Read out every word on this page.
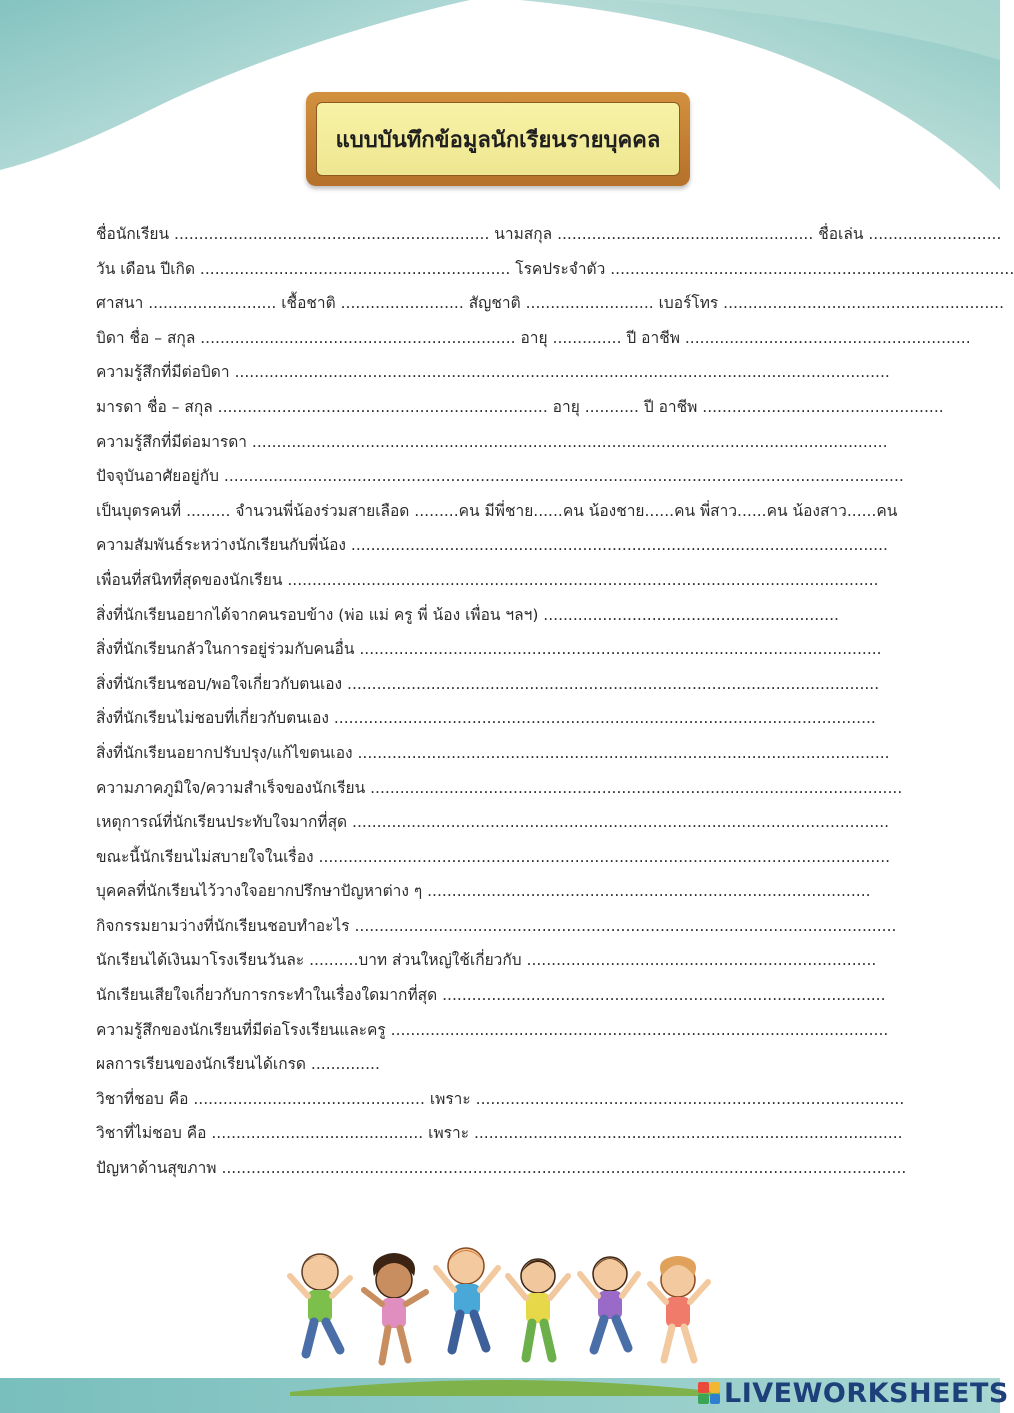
แบบบันทึกข้อมูลนักเรียนรายบุคคล
ชื่อนักเรียน ................................................................ นามสกุล .................................................... ชื่อเล่น ...........................
วัน เดือน ปีเกิด ............................................................... โรคประจำตัว ..................................................................................
ศาสนา .......................... เชื้อชาติ ......................... สัญชาติ .......................... เบอร์โทร .........................................................
บิดา ชื่อ – สกุล ................................................................ อายุ .............. ปี อาชีพ ..........................................................
ความรู้สึกที่มีต่อบิดา .....................................................................................................................................
มารดา ชื่อ – สกุล ................................................................... อายุ ........... ปี อาชีพ .................................................
ความรู้สึกที่มีต่อมารดา .................................................................................................................................
ปัจจุบันอาศัยอยู่กับ ..........................................................................................................................................
เป็นบุตรคนที่ ......... จำนวนพี่น้องร่วมสายเลือด .........คน มีพี่ชาย......คน น้องชาย......คน พี่สาว......คน น้องสาว......คน
ความสัมพันธ์ระหว่างนักเรียนกับพี่น้อง .............................................................................................................
เพื่อนที่สนิทที่สุดของนักเรียน ........................................................................................................................
สิ่งที่นักเรียนอยากได้จากคนรอบข้าง (พ่อ แม่ ครู พี่ น้อง เพื่อน ฯลฯ) ............................................................
สิ่งที่นักเรียนกลัวในการอยู่ร่วมกับคนอื่น ..........................................................................................................
สิ่งที่นักเรียนชอบ/พอใจเกี่ยวกับตนเอง ............................................................................................................
สิ่งที่นักเรียนไม่ชอบที่เกี่ยวกับตนเอง ..............................................................................................................
สิ่งที่นักเรียนอยากปรับปรุง/แก้ไขตนเอง ............................................................................................................
ความภาคภูมิใจ/ความสำเร็จของนักเรียน ............................................................................................................
เหตุการณ์ที่นักเรียนประทับใจมากที่สุด .............................................................................................................
ขณะนี้นักเรียนไม่สบายใจในเรื่อง ....................................................................................................................
บุคคลที่นักเรียนไว้วางใจอยากปรึกษาปัญหาต่าง ๆ ..........................................................................................
กิจกรรมยามว่างที่นักเรียนชอบทำอะไร ..............................................................................................................
นักเรียนได้เงินมาโรงเรียนวันละ ..........บาท ส่วนใหญ่ใช้เกี่ยวกับ .......................................................................
นักเรียนเสียใจเกี่ยวกับการกระทำในเรื่องใดมากที่สุด ..........................................................................................
ความรู้สึกของนักเรียนที่มีต่อโรงเรียนและครู .....................................................................................................
ผลการเรียนของนักเรียนได้เกรด ..............
วิชาที่ชอบ คือ ............................................... เพราะ .......................................................................................
วิชาที่ไม่ชอบ คือ ........................................... เพราะ .......................................................................................
ปัญหาด้านสุขภาพ ...........................................................................................................................................
LIVEWORKSHEETS
